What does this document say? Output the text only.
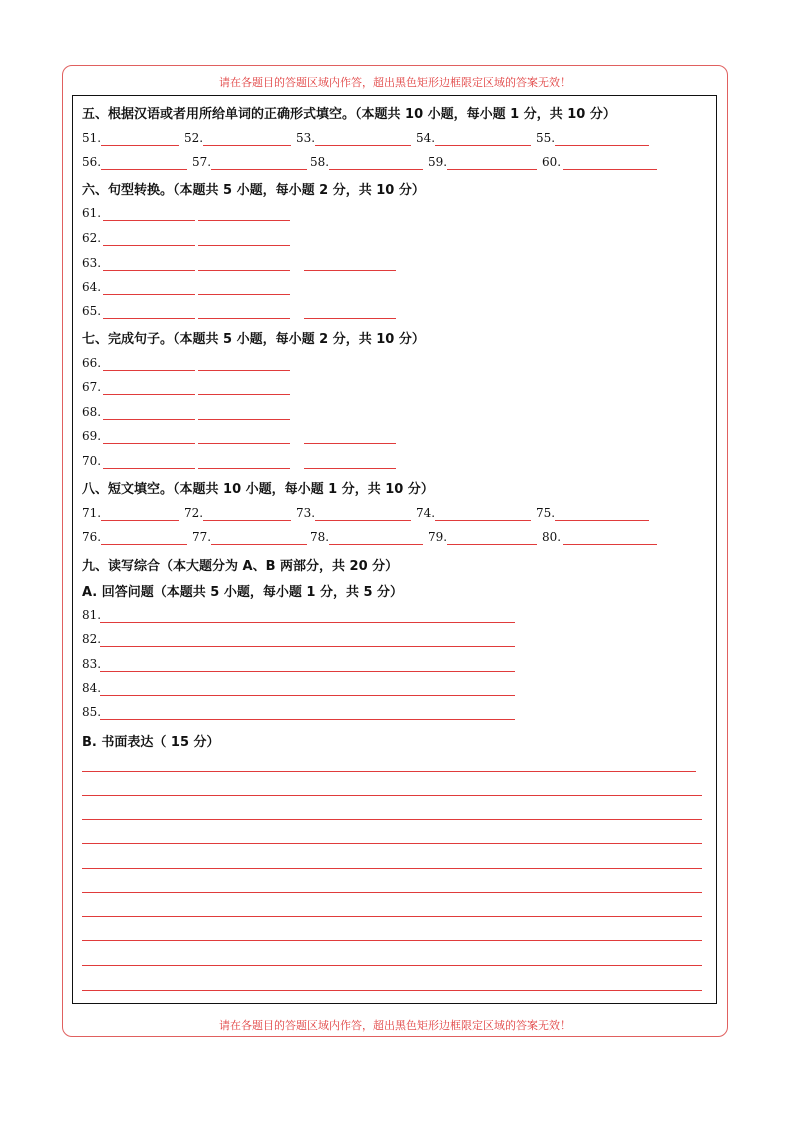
请在各题目的答题区域内作答，超出黑色矩形边框限定区域的答案无效！
请在各题目的答题区域内作答，超出黑色矩形边框限定区域的答案无效！
五、根据汉语或者用所给单词的正确形式填空。（本题共 10 小题，每小题 1 分，共 10 分）
51.	52.	53.	54.	55.
56.	57.	58.	59.	60.
六、句型转换。（本题共 5 小题，每小题 2 分，共 10 分）
61.
62.
63.
64.
65.
七、完成句子。（本题共 5 小题，每小题 2 分，共 10 分）
66.
67.
68.
69.
70.
八、短文填空。（本题共 10 小题，每小题 1 分，共 10 分）
71.	72.	73.	74.	75.
76.	77.	78.	79.	80.
九、读写综合（本大题分为 A、B 两部分，共 20 分）
A. 回答问题（本题共 5 小题，每小题 1 分，共 5 分）
81.
82.
83.
84.
85.
B. 书面表达（ 15 分）
